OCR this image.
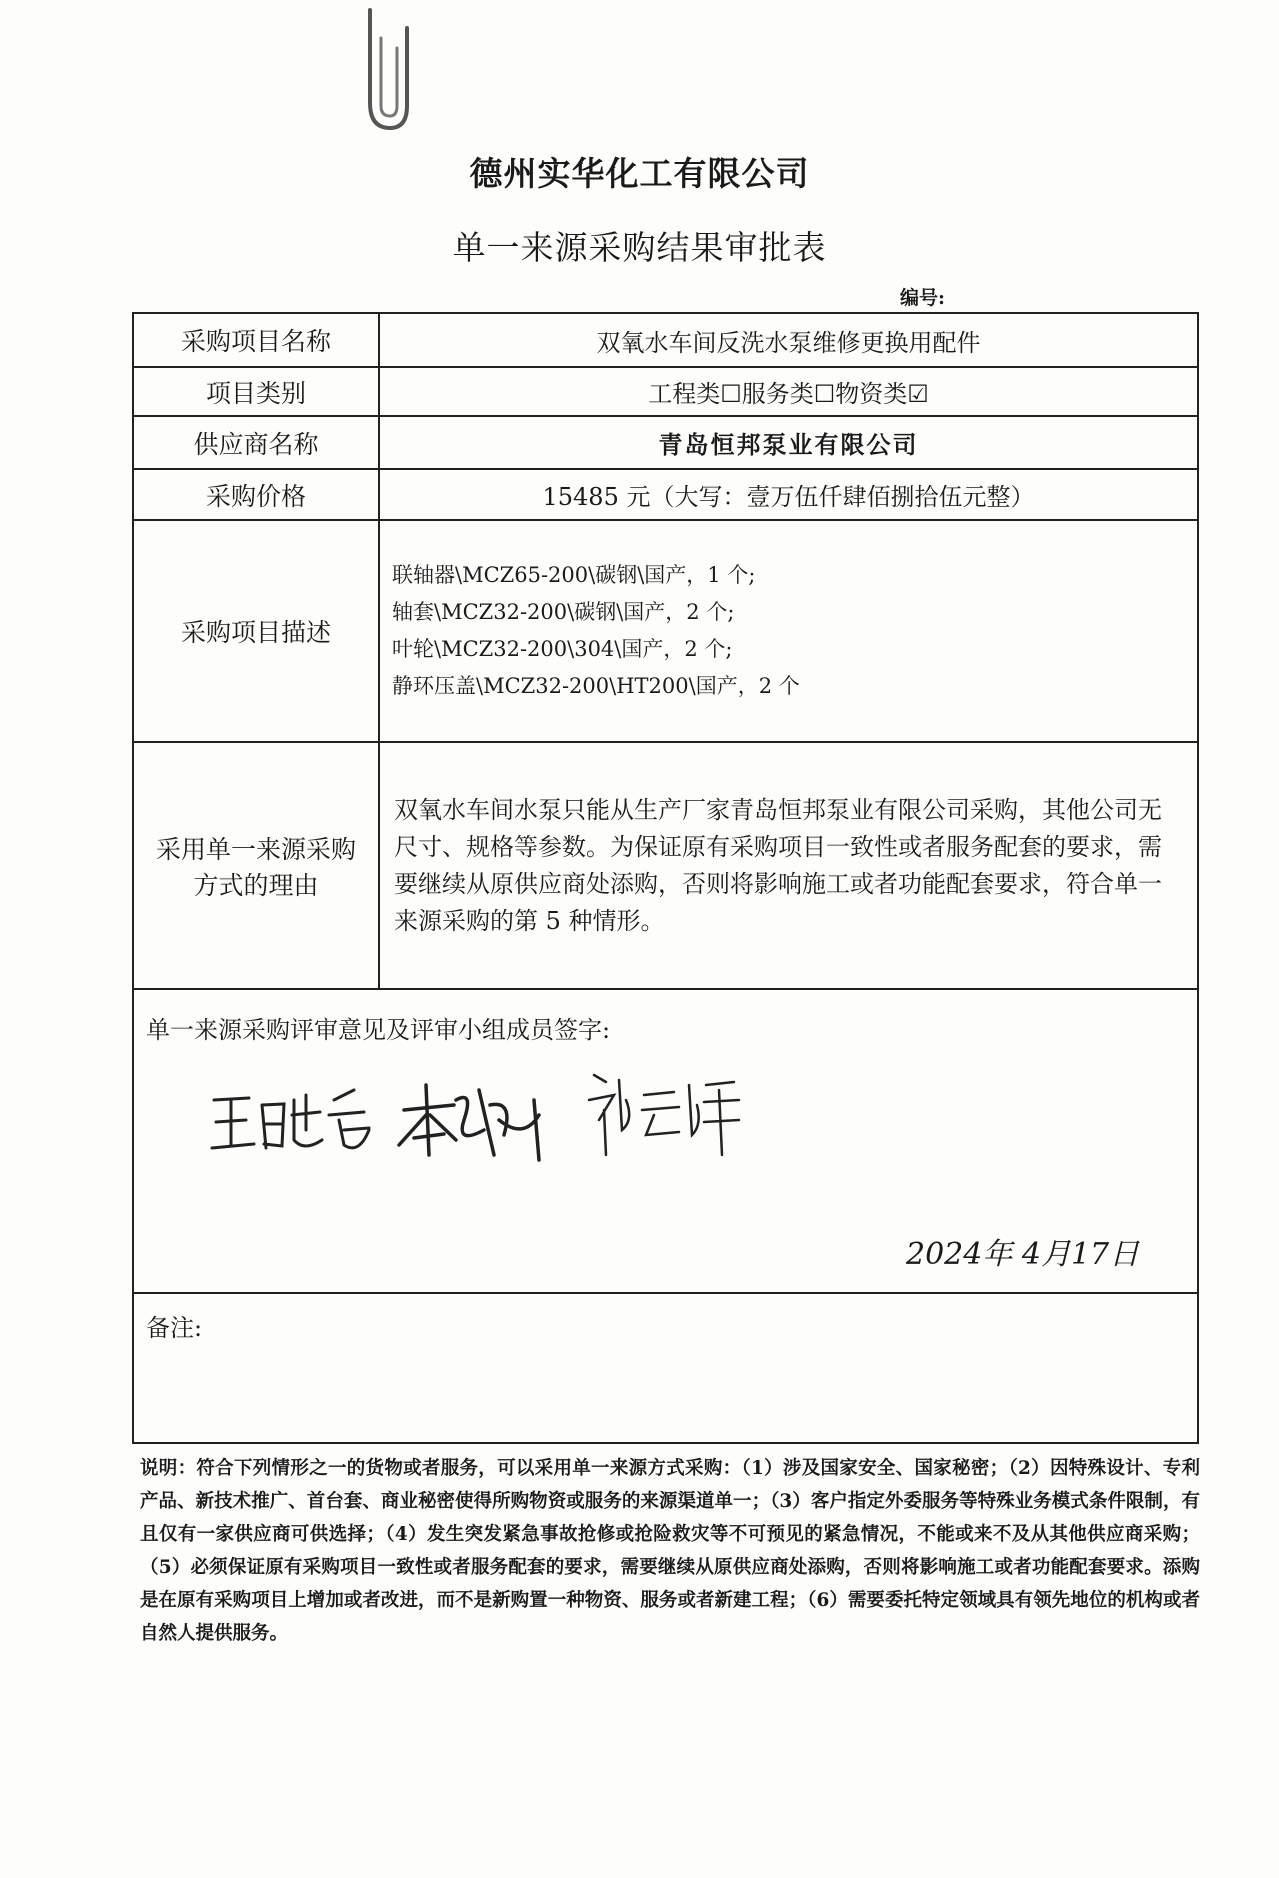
德州实华化工有限公司
单一来源采购结果审批表
编号:
采购项目名称	双氧水车间反洗水泵维修更换用配件
项目类别	工程类☐服务类☐物资类☑
供应商名称	青岛恒邦泵业有限公司
采购价格	15485 元（大写：壹万伍仟肆佰捌拾伍元整）
采购项目描述	联轴器\MCZ65-200\碳钢\国产，1 个;
轴套\MCZ32-200\碳钢\国产，2 个;
叶轮\MCZ32-200\304\国产，2 个;
静环压盖\MCZ32-200\HT200\国产，2 个

采用单一来源采购
方式的理由	双氧水车间水泵只能从生产厂家青岛恒邦泵业有限公司采购，其他公司无尺寸、规格等参数。为保证原有采购项目一致性或者服务配套的要求，需要继续从原供应商处添购，否则将影响施工或者功能配套要求，符合单一来源采购的第 5 种情形。

单一来源采购评审意见及评审小组成员签字:
2024年 4月17日	

备注:	

说明：符合下列情形之一的货物或者服务，可以采用单一来源方式采购：（1）涉及国家安全、国家秘密；（2）因特殊设计、专利产品、新技术推广、首台套、商业秘密使得所购物资或服务的来源渠道单一；（3）客户指定外委服务等特殊业务模式条件限制，有且仅有一家供应商可供选择；（4）发生突发紧急事故抢修或抢险救灾等不可预见的紧急情况，不能或来不及从其他供应商采购；（5）必须保证原有采购项目一致性或者服务配套的要求，需要继续从原供应商处添购，否则将影响施工或者功能配套要求。添购是在原有采购项目上增加或者改进，而不是新购置一种物资、服务或者新建工程；（6）需要委托特定领域具有领先地位的机构或者自然人提供服务。
